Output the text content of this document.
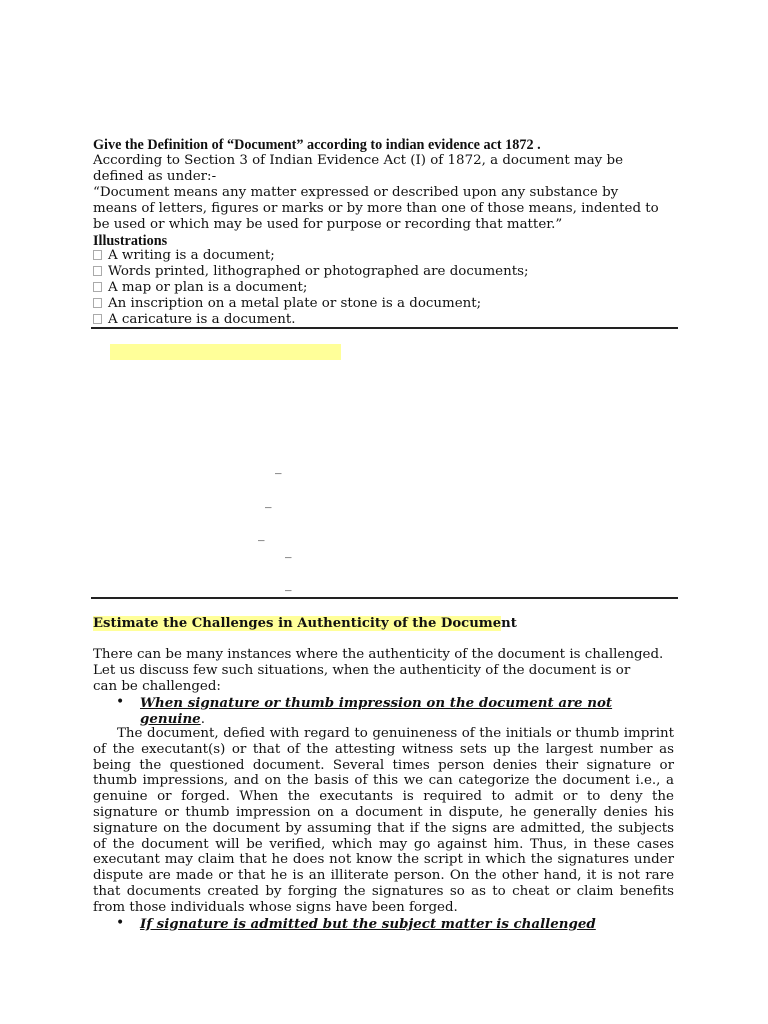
Give the Definition of “Document” according to indian evidence act 1872 .
According to Section 3 of Indian Evidence Act (I) of 1872, a document may be
defined as under:-
“Document means any matter expressed or described upon any substance by
means of letters, figures or marks or by more than one of those means, indented to
be used or which may be used for purpose or recording that matter.”
Illustrations
A writing is a document;
Words printed, lithographed or photographed are documents;
A map or plan is a document;
An inscription on a metal plate or stone is a document;
A caricature is a document.
_
_
_
_
_
Estimate the Challenges in Authenticity of the Document
There can be many instances where the authenticity of the document is challenged.
Let us discuss few such situations, when the authenticity of the document is or
can be challenged:
• When signature or thumb impression on the document are not
genuine.
The document, defied with regard to genuineness of the initials or thumb imprint of the executant(s) or that of the attesting witness sets up the largest number as being the questioned document. Several times person denies their signature or thumb impressions, and on the basis of this we can categorize the document i.e., a genuine or forged. When the executants is required to admit or to deny the signature or thumb impression on a document in dispute, he generally denies his signature on the document by assuming that if the signs are admitted, the subjects of the document will be verified, which may go against him. Thus, in these cases executant may claim that he does not know the script in which the signatures under dispute are made or that he is an illiterate person. On the other hand, it is not rare that documents created by forging the signatures so as to cheat or claim benefits from those individuals whose signs have been forged.
• If signature is admitted but the subject matter is challenged
